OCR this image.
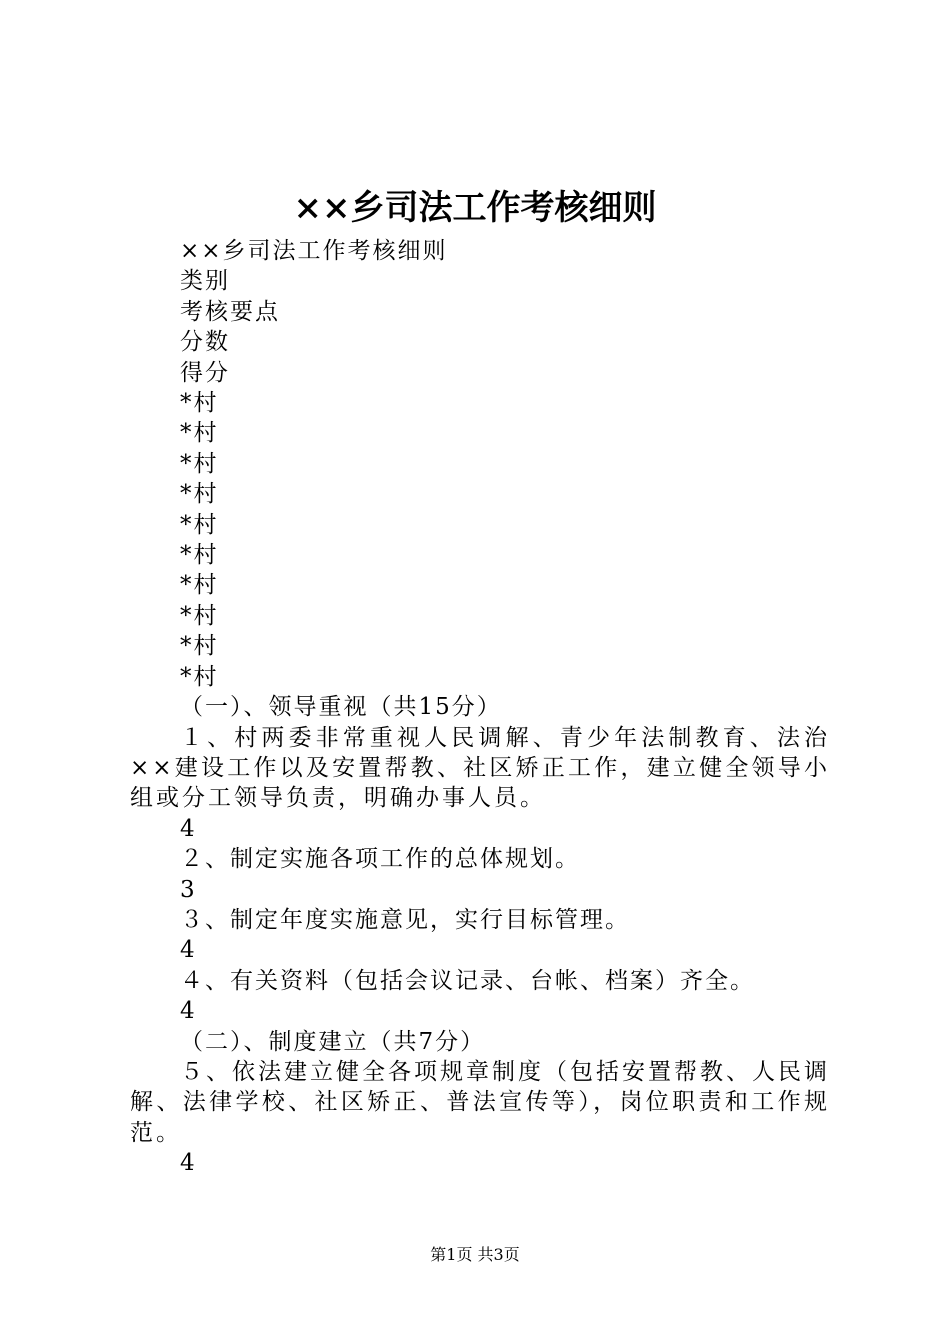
××乡司法工作考核细则

××乡司法工作考核细则

类别

考核要点

分数

得分

*村

*村

*村

*村

*村

*村

*村

*村

*村

*村

（一）、领导重视（共15分）

１、村两委非常重视人民调解、青少年法制教育、法治××建设工作以及安置帮教、社区矫正工作，建立健全领导小组或分工领导负责，明确办事人员。

4

２、制定实施各项工作的总体规划。

3

３、制定年度实施意见，实行目标管理。

4

４、有关资料（包括会议记录、台帐、档案）齐全。

4

（二）、制度建立（共7分）

５、依法建立健全各项规章制度（包括安置帮教、人民调解、法律学校、社区矫正、普法宣传等），岗位职责和工作规范。

4

第1页 共3页
